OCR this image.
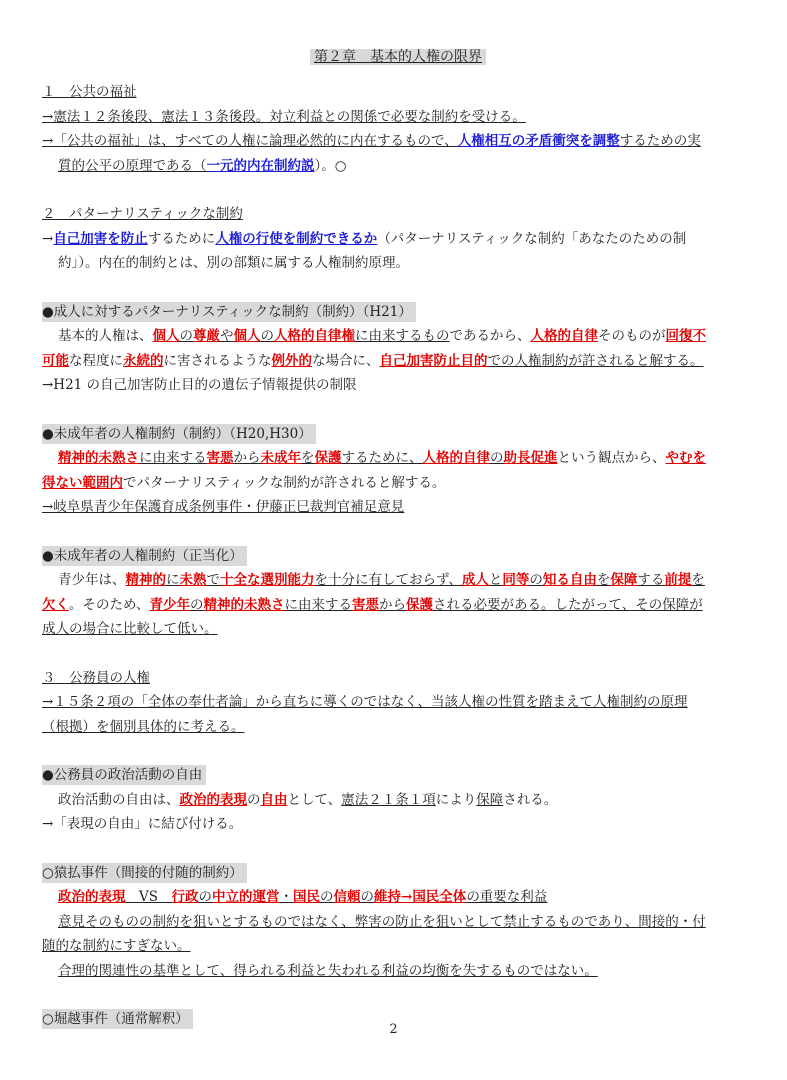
第２章　基本的人権の限界
１　公共の福祉
→憲法１２条後段、憲法１３条後段。対立利益との関係で必要な制約を受ける。
→「公共の福祉」は、すべての人権に論理必然的に内在するもので、人権相互の矛盾衝突を調整するための実
質的公平の原理である（一元的内在制約説）。○
２　パターナリスティックな制約
→自己加害を防止するために人権の行使を制約できるか（パターナリスティックな制約「あなたのための制
約」）。内在的制約とは、別の部類に属する人権制約原理。
●成人に対するパターナリスティックな制約（制約）（H21）
基本的人権は、個人の尊厳や個人の人格的自律権に由来するものであるから、人格的自律そのものが回復不
可能な程度に永続的に害されるような例外的な場合に、自己加害防止目的での人権制約が許されると解する。
→H21 の自己加害防止目的の遺伝子情報提供の制限
●未成年者の人権制約（制約）（H20,H30）
精神的未熟さに由来する害悪から未成年を保護するために、人格的自律の助長促進という観点から、やむを
得ない範囲内でパターナリスティックな制約が許されると解する。
→岐阜県青少年保護育成条例事件・伊藤正巳裁判官補足意見
●未成年者の人権制約（正当化）
青少年は、精神的に未熟で十全な選別能力を十分に有しておらず、成人と同等の知る自由を保障する前提を
欠く。そのため、青少年の精神的未熟さに由来する害悪から保護される必要がある。したがって、その保障が
成人の場合に比較して低い。
３　公務員の人権
→１５条２項の「全体の奉仕者論」から直ちに導くのではなく、当該人権の性質を踏まえて人権制約の原理
（根拠）を個別具体的に考える。
●公務員の政治活動の自由
政治活動の自由は、政治的表現の自由として、憲法２１条１項により保障される。
→「表現の自由」に結び付ける。
○猿払事件（間接的付随的制約）
政治的表現　VS　行政の中立的運営・国民の信頼の維持→国民全体の重要な利益
意見そのものの制約を狙いとするものではなく、弊害の防止を狙いとして禁止するものであり、間接的・付
随的な制約にすぎない。
合理的関連性の基準として、得られる利益と失われる利益の均衡を失するものではない。
○堀越事件（通常解釈）
2
